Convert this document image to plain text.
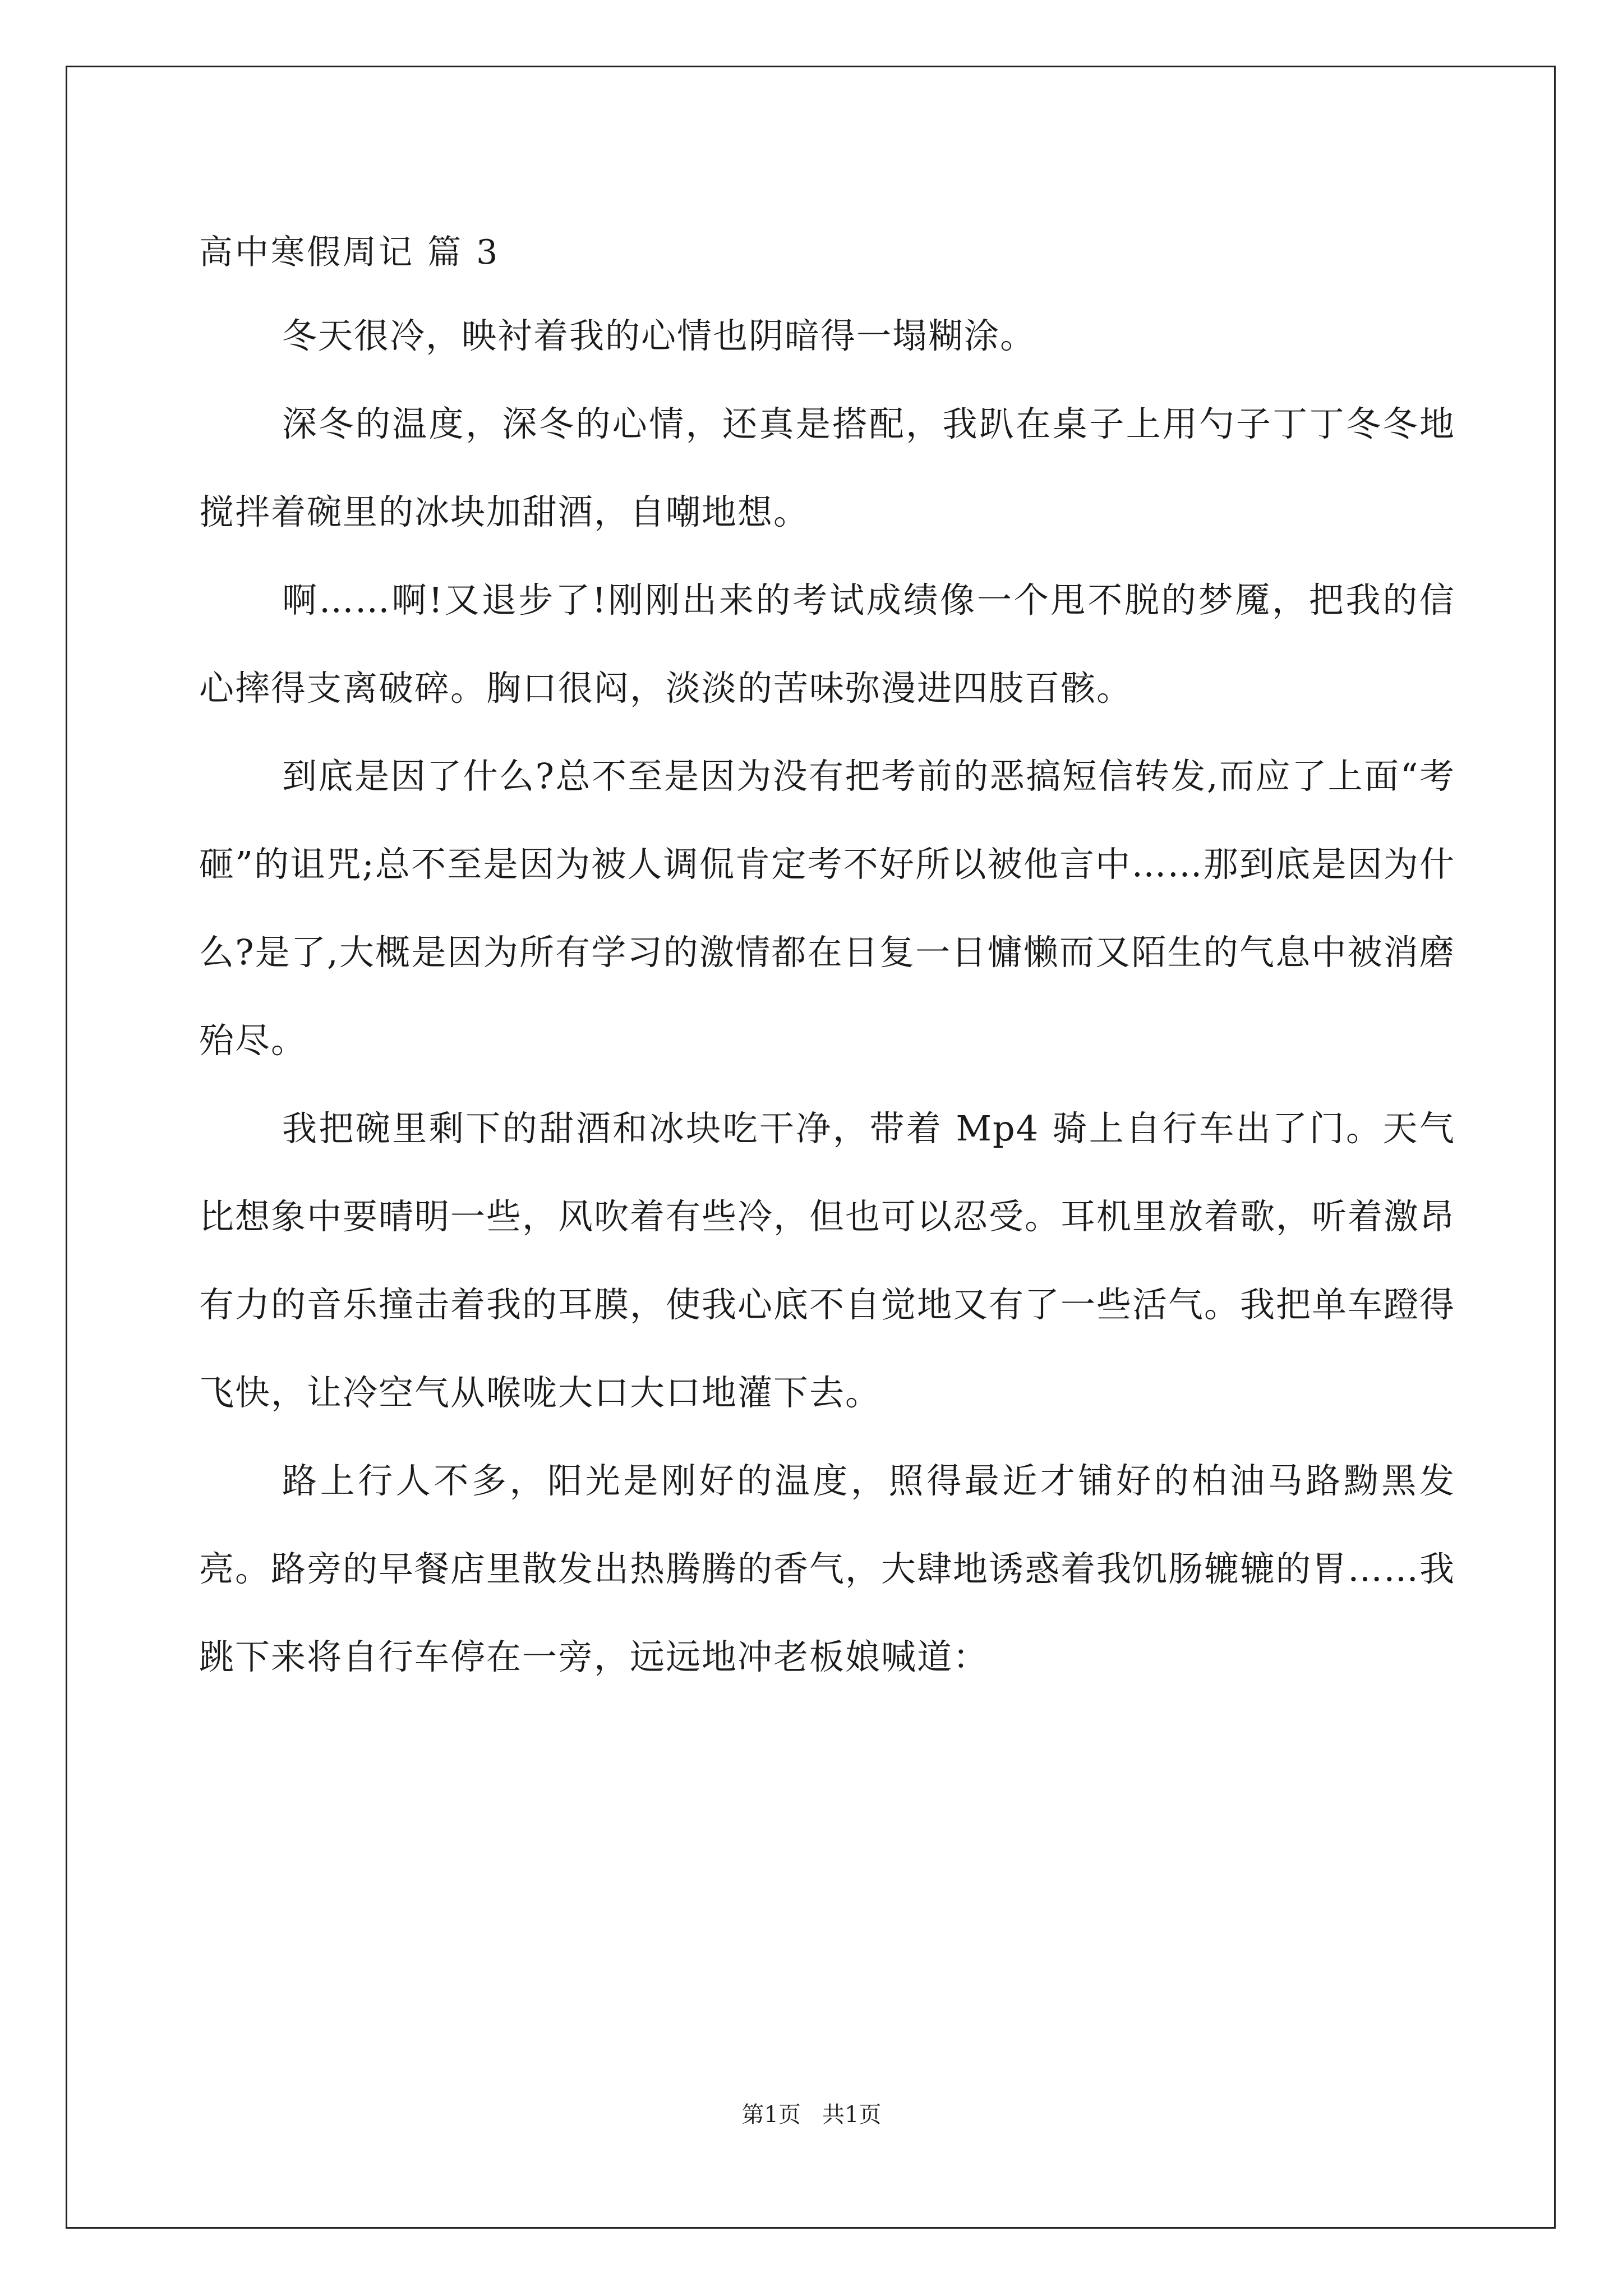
高中寒假周记 篇 3

冬天很冷，映衬着我的心情也阴暗得一塌糊涂。

深冬的温度，深冬的心情，还真是搭配，我趴在桌子上用勺子丁丁冬冬地搅拌着碗里的冰块加甜酒，自嘲地想。

啊……啊!又退步了!刚刚出来的考试成绩像一个甩不脱的梦魇，把我的信心摔得支离破碎。胸口很闷，淡淡的苦味弥漫进四肢百骸。

到底是因了什么?总不至是因为没有把考前的恶搞短信转发,而应了上面“考砸”的诅咒;总不至是因为被人调侃肯定考不好所以被他言中……那到底是因为什么?是了,大概是因为所有学习的激情都在日复一日慵懒而又陌生的气息中被消磨殆尽。

我把碗里剩下的甜酒和冰块吃干净，带着 Mp4 骑上自行车出了门。天气比想象中要晴明一些，风吹着有些冷，但也可以忍受。耳机里放着歌，听着激昂有力的音乐撞击着我的耳膜，使我心底不自觉地又有了一些活气。我把单车蹬得飞快，让冷空气从喉咙大口大口地灌下去。

路上行人不多，阳光是刚好的温度，照得最近才铺好的柏油马路黝黑发亮。路旁的早餐店里散发出热腾腾的香气，大肆地诱惑着我饥肠辘辘的胃……我跳下来将自行车停在一旁，远远地冲老板娘喊道：

第1页   共1页
